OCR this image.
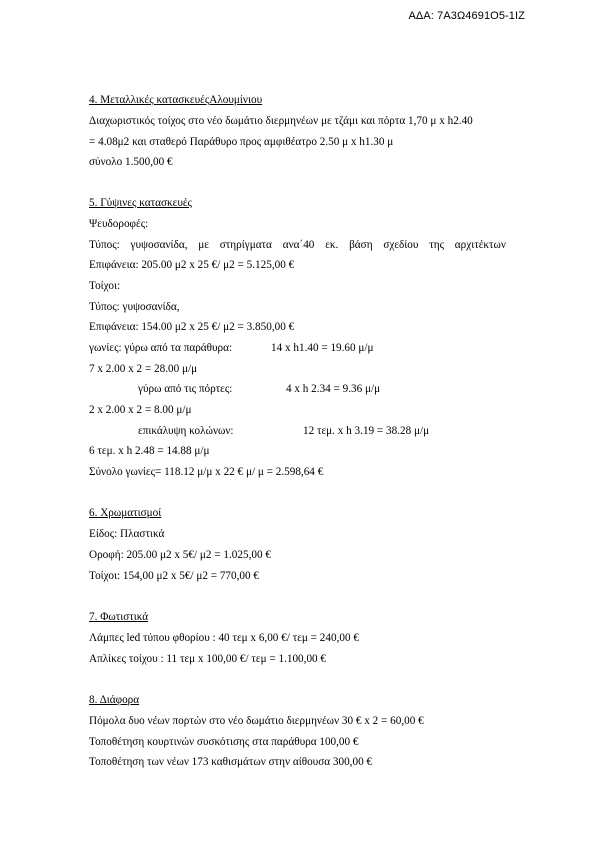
ΑΔΑ: 7Α3Ω4691Ο5-1ΙΖ
4. Μεταλλικές κατασκευέςΑλουμίνιου
Διαχωριστικός τοίχος στο νέο δωμάτιο διερμηνέων με τζάμι και πόρτα 1,70 μ x h2.40
= 4.08μ2 και σταθερό Παράθυρο προς αμφιθέατρο 2.50 μ x h1.30 μ
σύνολο 1.500,00 €
5. Γύψινες κατασκευές
Ψευδοροφές:
Τύπος: γυψοσανίδα, με στηρίγματα ανα΄40 εκ. βάση σχεδίου της αρχιτέκτων
Επιφάνεια: 205.00 μ2 x 25 €/ μ2 = 5.125,00 €
Τοίχοι:
Τύπος: γυψοσανίδα,
Επιφάνεια: 154.00 μ2 x 25 €/ μ2 = 3.850,00 €
γωνίες: γύρω από τα παράθυρα:	14 x h1.40 = 19.60 μ/μ
7 x 2.00 x 2 = 28.00 μ/μ
γύρω από τις πόρτες:	4 x h 2.34 = 9.36 μ/μ
2 x 2.00 x 2 = 8.00 μ/μ
επικάλυψη κολώνων:	12 τεμ. x h 3.19 = 38.28 μ/μ
6 τεμ. x h 2.48 = 14.88 μ/μ
Σύνολο γωνίες= 118.12 μ/μ x 22 € μ/ μ = 2.598,64 €
6. Χρωματισμοί
Είδος: Πλαστικά
Οροφή: 205.00 μ2 x 5€/ μ2 = 1.025,00 €
Τοίχοι: 154,00 μ2 x 5€/ μ2 = 770,00 €
7. Φωτιστικά
Λάμπες led τύπου φθορίου : 40 τεμ x 6,00 €/ τεμ = 240,00 €
Απλίκες τοίχου : 11 τεμ x 100,00 €/ τεμ = 1.100,00 €
8. Διάφορα
Πόμολα δυο νέων πορτών στο νέο δωμάτιο διερμηνέων 30 € x 2 = 60,00 €
Τοποθέτηση κουρτινών συσκότισης στα παράθυρα 100,00 €
Τοποθέτηση των νέων 173 καθισμάτων στην αίθουσα 300,00 €
